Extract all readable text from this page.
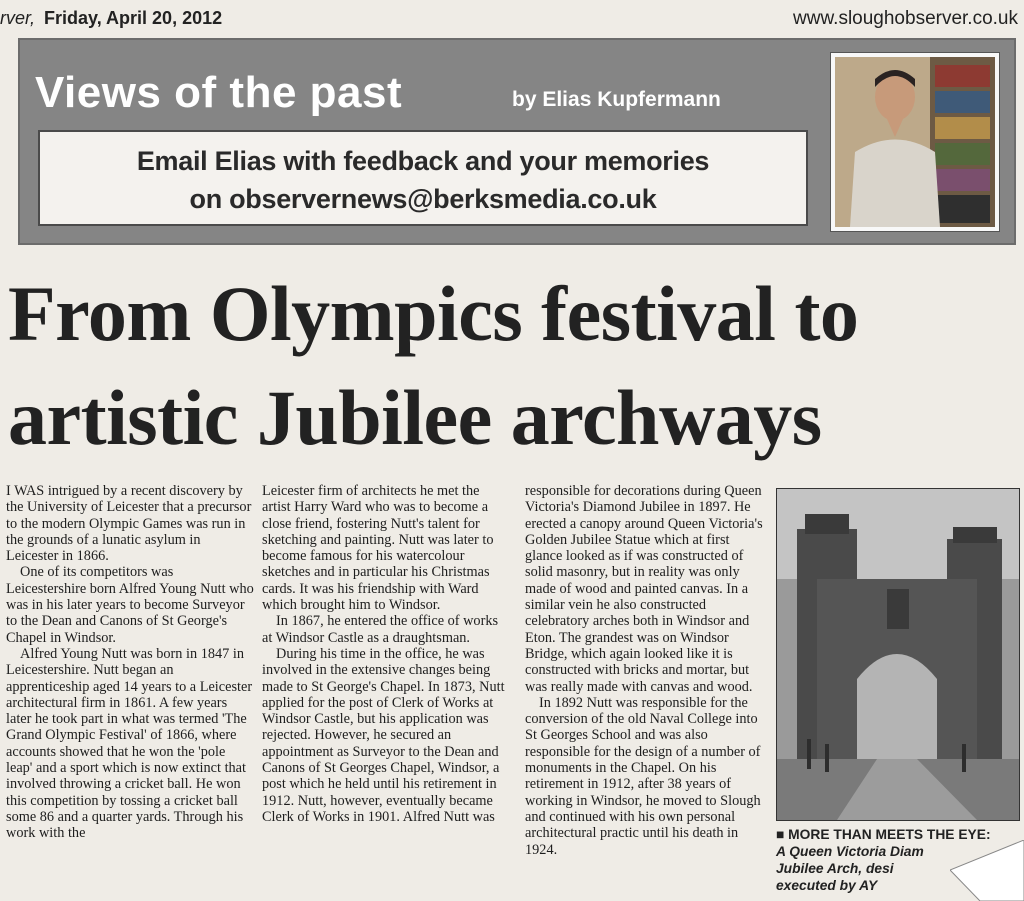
rver, Friday, April 20, 2012	www.sloughobserver.co.uk
Views of the past	by Elias Kupfermann
Email Elias with feedback and your memories
on observernews@berksmedia.co.uk
From Olympics festival to
artistic Jubilee archways

I WAS intrigued by a recent discovery by the University of Leicester that a precursor to the modern Olympic Games was run in the grounds of a lunatic asylum in Leicester in 1866.

One of its competitors was Leicestershire born Alfred Young Nutt who was in his later years to become Surveyor to the Dean and Canons of St George's Chapel in Windsor.

Alfred Young Nutt was born in 1847 in Leicestershire. Nutt began an apprenticeship aged 14 years to a Leicester architectural firm in 1861. A few years later he took part in what was termed 'The Grand Olympic Festival' of 1866, where accounts showed that he won the 'pole leap' and a sport which is now extinct that involved throwing a cricket ball. He won this competition by tossing a cricket ball some 86 and a quarter yards. Through his work with the

Leicester firm of architects he met the artist Harry Ward who was to become a close friend, fostering Nutt's talent for sketching and painting. Nutt was later to become famous for his watercolour sketches and in particular his Christmas cards. It was his friendship with Ward which brought him to Windsor.

In 1867, he entered the office of works at Windsor Castle as a draughtsman.

During his time in the office, he was involved in the extensive changes being made to St George's Chapel. In 1873, Nutt applied for the post of Clerk of Works at Windsor Castle, but his application was rejected. However, he secured an appointment as Surveyor to the Dean and Canons of St Georges Chapel, Windsor, a post which he held until his retirement in 1912. Nutt, however, eventually became Clerk of Works in 1901. Alfred Nutt was

responsible for decorations during Queen Victoria's Diamond Jubilee in 1897. He erected a canopy around Queen Victoria's Golden Jubilee Statue which at first glance looked as if was constructed of solid masonry, but in reality was only made of wood and painted canvas. In a similar vein he also constructed celebratory arches both in Windsor and Eton. The grandest was on Windsor Bridge, which again looked like it is constructed with bricks and mortar, but was really made with canvas and wood.

In 1892 Nutt was responsible for the conversion of the old Naval College into St Georges School and was also responsible for the design of a number of monuments in the Chapel. On his retirement in 1912, after 38 years of working in Windsor, he moved to Slough and continued with his own personal architectural practic until his death in 1924.

■ MORE THAN MEETS THE EYE:
A Queen Victoria Diam
Jubilee Arch, desi
executed by AY
